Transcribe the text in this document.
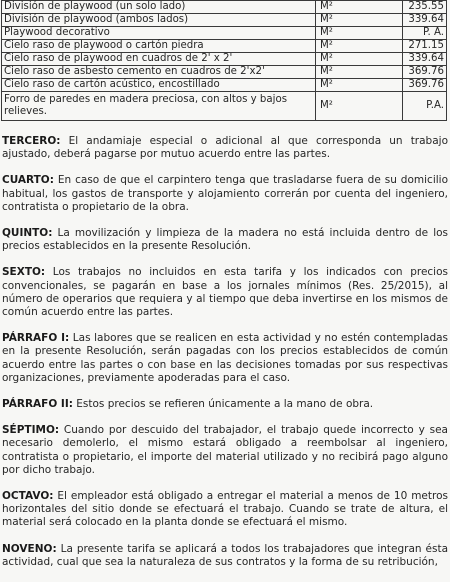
División de playwood (un solo lado)	M²	235.55
División de playwood (ambos lados)	M²	339.64
Playwood decorativo	M²	P. A.
Cielo raso de playwood o cartón piedra	M²	271.15
Cielo raso de playwood en cuadros de 2' x 2'	M²	339.64
Cielo raso de asbesto cemento en cuadros de 2'x2'	M²	369.76
Cielo raso de cartón acústico, encostillado	M²	369.76
Forro de paredes en madera preciosa, con altos y bajos relieves.	M²	P.A.

TERCERO: El andamiaje especial o adicional al que corresponda un trabajo ajustado, deberá pagarse por mutuo acuerdo entre las partes.

CUARTO: En caso de que el carpintero tenga que trasladarse fuera de su domicilio habitual, los gastos de transporte y alojamiento correrán por cuenta del ingeniero, contratista o propietario de la obra.

QUINTO: La movilización y limpieza de la madera no está incluida dentro de los precios establecidos en la presente Resolución.

SEXTO: Los trabajos no incluidos en esta tarifa y los indicados con precios convencionales, se pagarán en base a los jornales mínimos (Res. 25/2015), al número de operarios que requiera y al tiempo que deba invertirse en los mismos de común acuerdo entre las partes.

PÁRRAFO I: Las labores que se realicen en esta actividad y no estén contempladas en la presente Resolución, serán pagadas con los precios establecidos de común acuerdo entre las partes o con base en las decisiones tomadas por sus respectivas organizaciones, previamente apoderadas para el caso.

PÁRRAFO II: Estos precios se refieren únicamente a la mano de obra.

SÉPTIMO: Cuando por descuido del trabajador, el trabajo quede incorrecto y sea necesario demolerlo, el mismo estará obligado a reembolsar al ingeniero, contratista o propietario, el importe del material utilizado y no recibirá pago alguno por dicho trabajo.

OCTAVO: El empleador está obligado a entregar el material a menos de 10 metros horizontales del sitio donde se efectuará el trabajo. Cuando se trate de altura, el material será colocado en la planta donde se efectuará el mismo.

NOVENO: La presente tarifa se aplicará a todos los trabajadores que integran ésta actividad, cual que sea la naturaleza de sus contratos y la forma de su retribución,
